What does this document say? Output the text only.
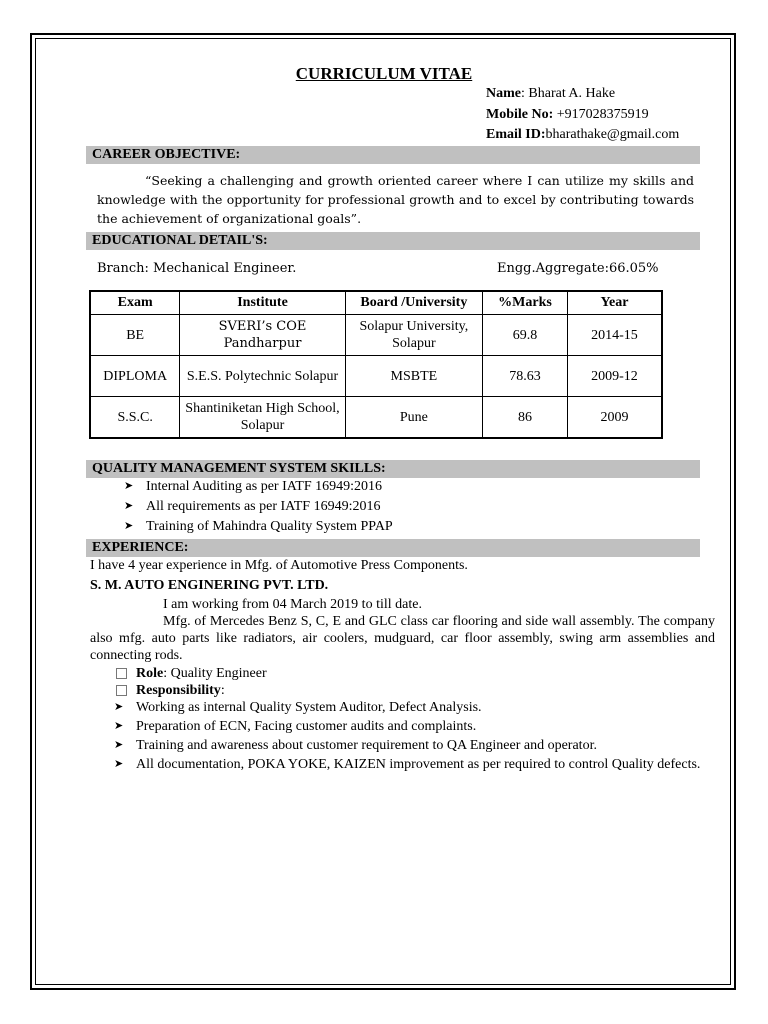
CURRICULUM VITAE
Name: Bharat A. Hake
Mobile No: +917028375919
Email ID:bharathake@gmail.com
CAREER OBJECTIVE:
“Seeking a challenging and growth oriented career where I can utilize my skills and knowledge with the opportunity for professional growth and to excel by contributing towards the achievement of organizational goals”.
EDUCATIONAL DETAIL'S:
Branch: Mechanical Engineer.	Engg.Aggregate:66.05%
Exam	Institute	Board /University	%Marks	Year
BE	SVERI’s COE Pandharpur	Solapur University, Solapur	69.8	2014-15
DIPLOMA	S.E.S. Polytechnic Solapur	MSBTE	78.63	2009-12
S.S.C.	Shantiniketan High School, Solapur	Pune	86	2009
QUALITY MANAGEMENT SYSTEM SKILLS:
➤ Internal Auditing as per IATF 16949:2016
➤ All requirements as per IATF 16949:2016
➤ Training of Mahindra Quality System PPAP
EXPERIENCE:
I have 4 year experience in Mfg. of Automotive Press Components.
S. M. AUTO ENGINERING PVT. LTD.
I am working from 04 March 2019 to till date.
Mfg. of Mercedes Benz S, C, E and GLC class car flooring and side wall assembly. The company also mfg. auto parts like radiators, air coolers, mudguard, car floor assembly, swing arm assemblies and connecting rods.
Role: Quality Engineer
Responsibility:
➤ Working as internal Quality System Auditor, Defect Analysis.
➤ Preparation of ECN, Facing customer audits and complaints.
➤ Training and awareness about customer requirement to QA Engineer and operator.
➤ All documentation, POKA YOKE, KAIZEN improvement as per required to control Quality defects.
